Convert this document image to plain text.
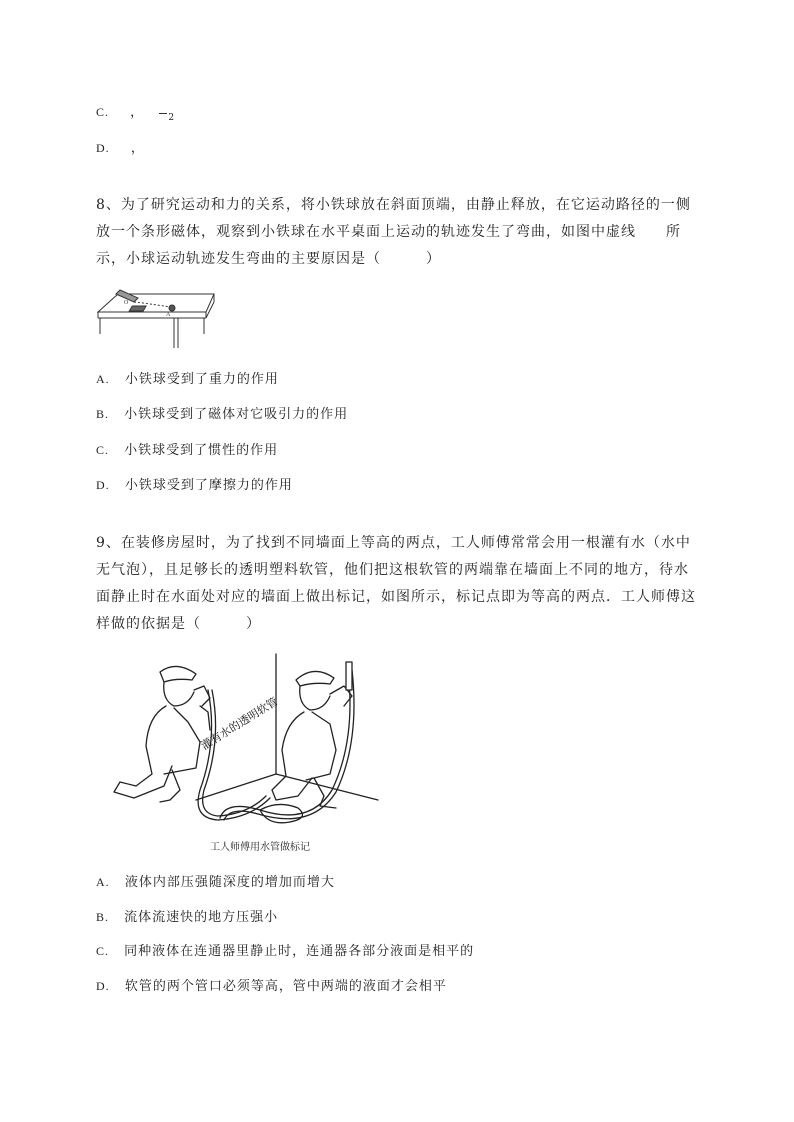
C. ，	$_2$
D. ，
8、为了研究运动和力的关系，将小铁球放在斜面顶端，由静止释放，在它运动路径的一侧放一个条形磁体，观察到小铁球在水平桌面上运动的轨迹发生了弯曲，如图中虚线　　所示，小球运动轨迹发生弯曲的主要原因是（　　　）
O
A
A. 小铁球受到了重力的作用
B. 小铁球受到了磁体对它吸引力的作用
C. 小铁球受到了惯性的作用
D. 小铁球受到了摩擦力的作用
9、在装修房屋时，为了找到不同墙面上等高的两点，工人师傅常常会用一根灌有水（水中无气泡），且足够长的透明塑料软管，他们把这根软管的两端靠在墙面上不同的地方，待水面静止时在水面处对应的墙面上做出标记，如图所示，标记点即为等高的两点．工人师傅这样做的依据是（　　　）
灌有水的透明软管
工人师傅用水管做标记
A. 液体内部压强随深度的增加而增大
B. 流体流速快的地方压强小
C. 同种液体在连通器里静止时，连通器各部分液面是相平的
D. 软管的两个管口必须等高，管中两端的液面才会相平
